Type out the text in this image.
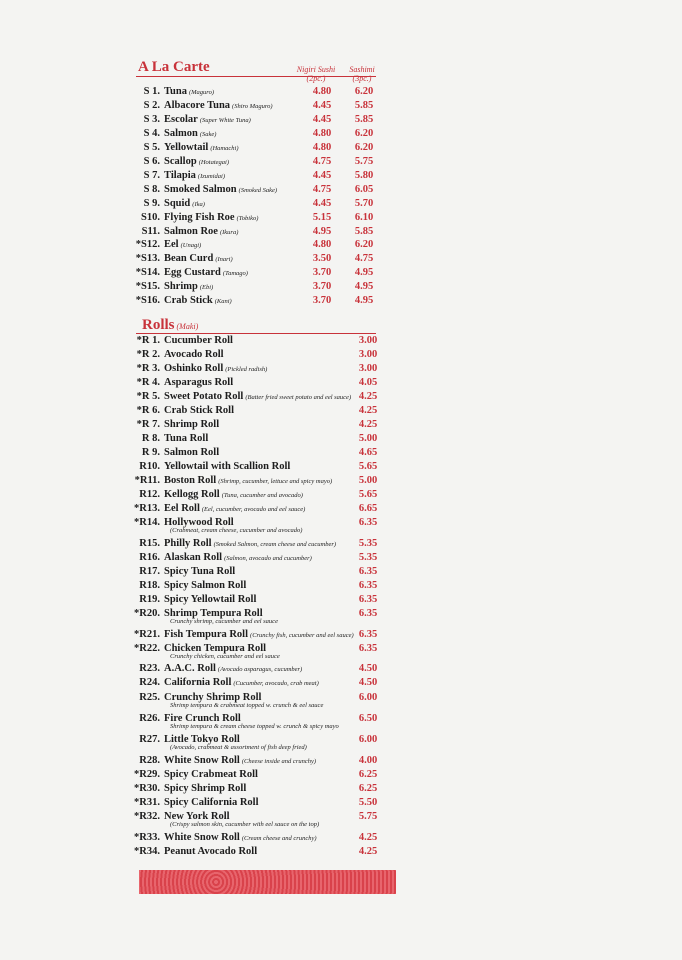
A La Carte	Nigiri Sushi
(2pc.)
Sashimi
(3pc.)
S 1. Tuna (Maguro)	4.80	6.20
S 2. Albacore Tuna (Shiro Maguro)	4.45	5.85
S 3. Escolar (Super White Tuna)	4.45	5.85
S 4. Salmon (Sake)	4.80	6.20
S 5. Yellowtail (Hamachi)	4.80	6.20
S 6. Scallop (Hotategai)	4.75	5.75
S 7. Tilapia (Izumidai)	4.45	5.80
S 8. Smoked Salmon (Smoked Sake)	4.75	6.05
S 9. Squid (Ika)	4.45	5.70
S10. Flying Fish Roe (Tobiko)	5.15	6.10
S11. Salmon Roe (Ikura)	4.95	5.85
*S12. Eel (Unagi)	4.80	6.20
*S13. Bean Curd (Inari)	3.50	4.75
*S14. Egg Custard (Tamago)	3.70	4.95
*S15. Shrimp (Ebi)	3.70	4.95
*S16. Crab Stick (Kani)	3.70	4.95
Rolls (Maki)
*R 1. Cucumber Roll	3.00
*R 2. Avocado Roll	3.00
*R 3. Oshinko Roll (Pickled radish)	3.00
*R 4. Asparagus Roll	4.05
*R 5. Sweet Potato Roll (Batter fried sweet potato and eel sauce) 4.25
*R 6. Crab Stick Roll	4.25
*R 7. Shrimp Roll	4.25
R 8. Tuna Roll	5.00
R 9. Salmon Roll	4.65
R10. Yellowtail with Scallion Roll	5.65
*R11. Boston Roll (Shrimp, cucumber, lettuce and spicy mayo)	5.00
R12. Kellogg Roll (Tuna, cucumber and avocado)	5.65
*R13. Eel Roll (Eel, cucumber, avocado and eel sauce)	6.65
*R14. Hollywood Roll
(Crabmeat, cream cheese, cucumber and avocado)
6.35
R15. Philly Roll (Smoked Salmon, cream cheese and cucumber)	5.35
R16. Alaskan Roll (Salmon, avocado and cucumber)	5.35
R17. Spicy Tuna Roll	6.35
R18. Spicy Salmon Roll	6.35
R19. Spicy Yellowtail Roll	6.35
*R20. Shrimp Tempura Roll
Crunchy shrimp, cucumber and eel sauce
6.35
*R21. Fish Tempura Roll (Crunchy fish, cucumber and eel sauce) 6.35
*R22. Chicken Tempura Roll
Crunchy chicken, cucumber and eel sauce
6.35
R23. A.A.C. Roll (Avocado asparagus, cucumber)	4.50
R24. California Roll (Cucumber, avocado, crab meat)	4.50
R25. Crunchy Shrimp Roll
Shrimp tempura & crabmeat topped w. crunch & eel sauce
6.00
R26. Fire Crunch Roll
Shrimp tempura & cream cheese topped w. crunch & spicy mayo
6.50
R27. Little Tokyo Roll
(Avocado, crabmeat & assortment of fish deep fried)
6.00
R28. White Snow Roll (Cheese inside and crunchy)	4.00
*R29. Spicy Crabmeat Roll	6.25
*R30. Spicy Shrimp Roll	6.25
*R31. Spicy California Roll	5.50
*R32. New York Roll
(Crispy salmon skin, cucumber with eel sauce on the top)
5.75
*R33. White Snow Roll (Cream cheese and crunchy)	4.25
*R34. Peanut Avocado Roll	4.25
